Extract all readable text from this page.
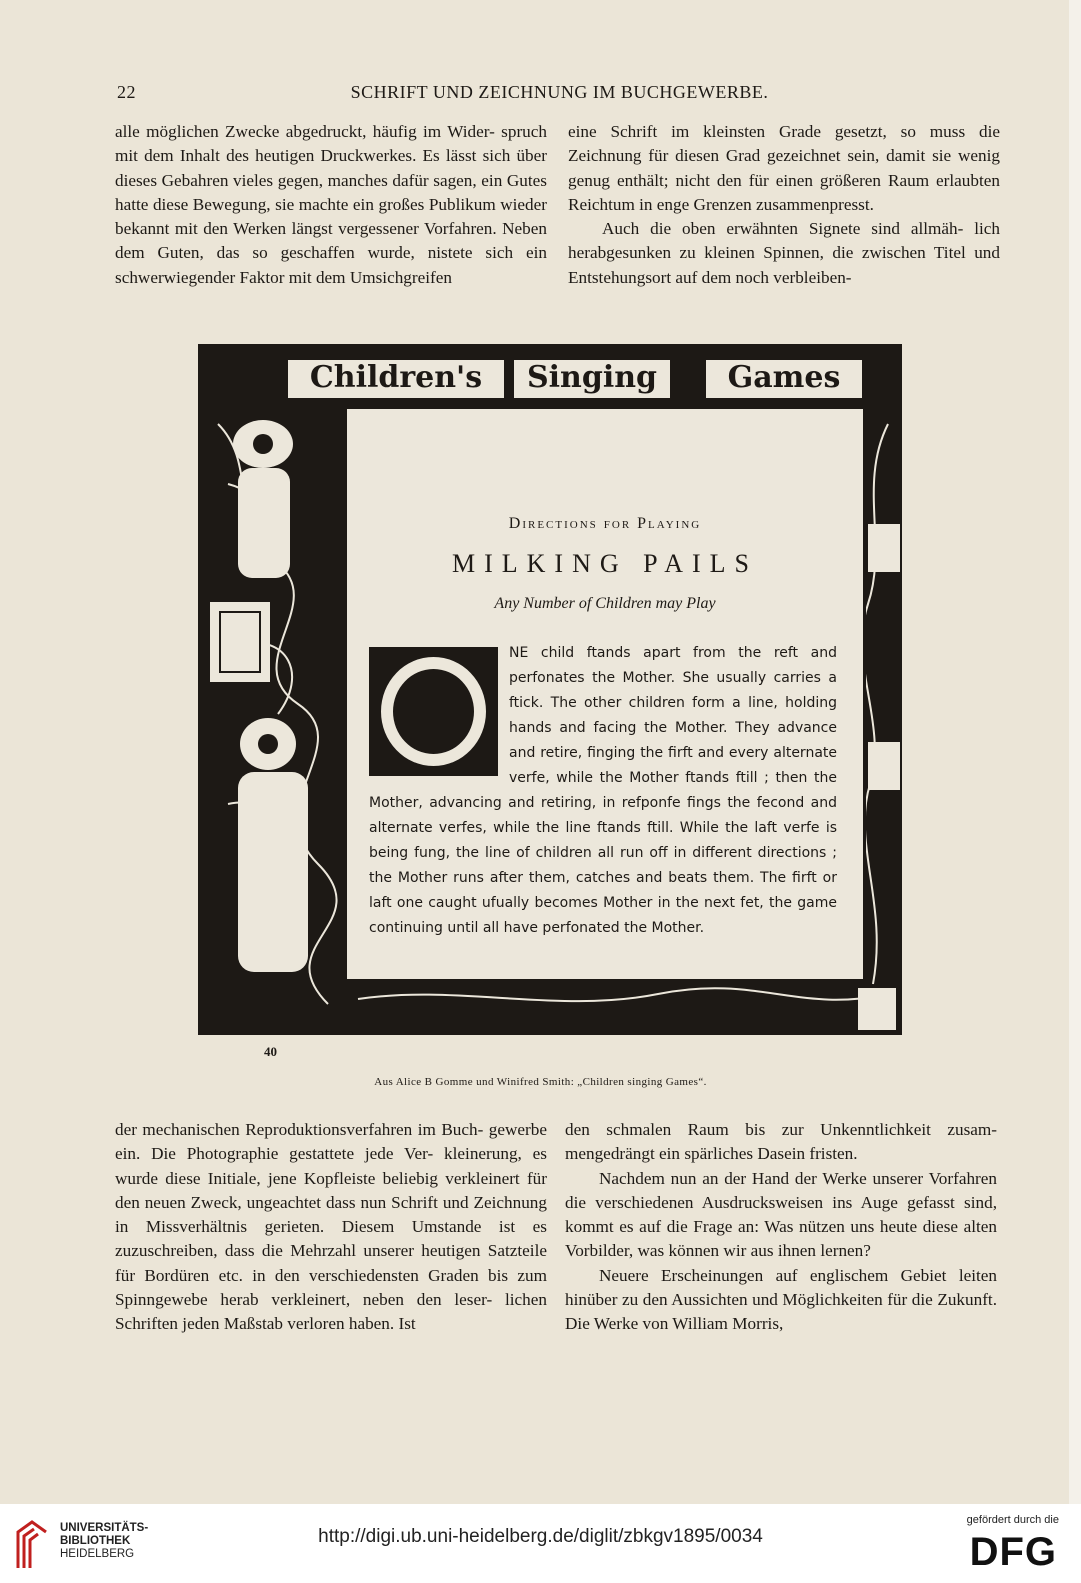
22	SCHRIFT UND ZEICHNUNG IM BUCHGEWERBE.

alle möglichen Zwecke abgedruckt, häufig im Wider- spruch mit dem Inhalt des heutigen Druckwerkes. Es lässt sich über dieses Gebahren vieles gegen, manches dafür sagen, ein Gutes hatte diese Bewegung, sie machte ein großes Publikum wieder bekannt mit den Werken längst vergessener Vorfahren. Neben dem Guten, das so geschaffen wurde, nistete sich ein schwerwiegender Faktor mit dem Umsichgreifen

eine Schrift im kleinsten Grade gesetzt, so muss die Zeichnung für diesen Grad gezeichnet sein, damit sie wenig genug enthält; nicht den für einen größeren Raum erlaubten Reichtum in enge Grenzen zusammenpresst.

Auch die oben erwähnten Signete sind allmäh- lich herabgesunken zu kleinen Spinnen, die zwischen Titel und Entstehungsort auf dem noch verbleiben-

Children's	Singing	Games
Directions for Playing
MILKING PAILS
Any Number of Children may Play
NE child ftands apart from the reft and perfonates the Mother. She usually carries a ftick. The other children form a line, holding hands and facing the Mother. They advance and retire, finging the firft and every alternate verfe, while the Mother ftands ftill ; then the Mother, advancing and retiring, in refponfe fings the fecond and alternate verfes, while the line ftands ftill. While the laft verfe is being fung, the line of children all run off in different directions ; the Mother runs after them, catches and beats them. The firft or laft one caught ufually becomes Mother in the next fet, the game continuing until all have perfonated the Mother.
40
Aus Alice B Gomme und Winifred Smith: „Children singing Games“.

der mechanischen Reproduktionsverfahren im Buch- gewerbe ein. Die Photographie gestattete jede Ver- kleinerung, es wurde diese Initiale, jene Kopfleiste beliebig verkleinert für den neuen Zweck, ungeachtet dass nun Schrift und Zeichnung in Missverhältnis gerieten. Diesem Umstande ist es zuzuschreiben, dass die Mehrzahl unserer heutigen Satzteile für Bordüren etc. in den verschiedensten Graden bis zum Spinngewebe herab verkleinert, neben den leser- lichen Schriften jeden Maßstab verloren haben. Ist

den schmalen Raum bis zur Unkenntlichkeit zusam- mengedrängt ein spärliches Dasein fristen.

Nachdem nun an der Hand der Werke unserer Vorfahren die verschiedenen Ausdrucksweisen ins Auge gefasst sind, kommt es auf die Frage an: Was nützen uns heute diese alten Vorbilder, was können wir aus ihnen lernen?

Neuere Erscheinungen auf englischem Gebiet leiten hinüber zu den Aussichten und Möglichkeiten für die Zukunft. Die Werke von William Morris,

UNIVERSITÄTS-
BIBLIOTHEK
HEIDELBERG
http://digi.ub.uni-heidelberg.de/diglit/zbkgv1895/0034
gefördert durch die
DFG
